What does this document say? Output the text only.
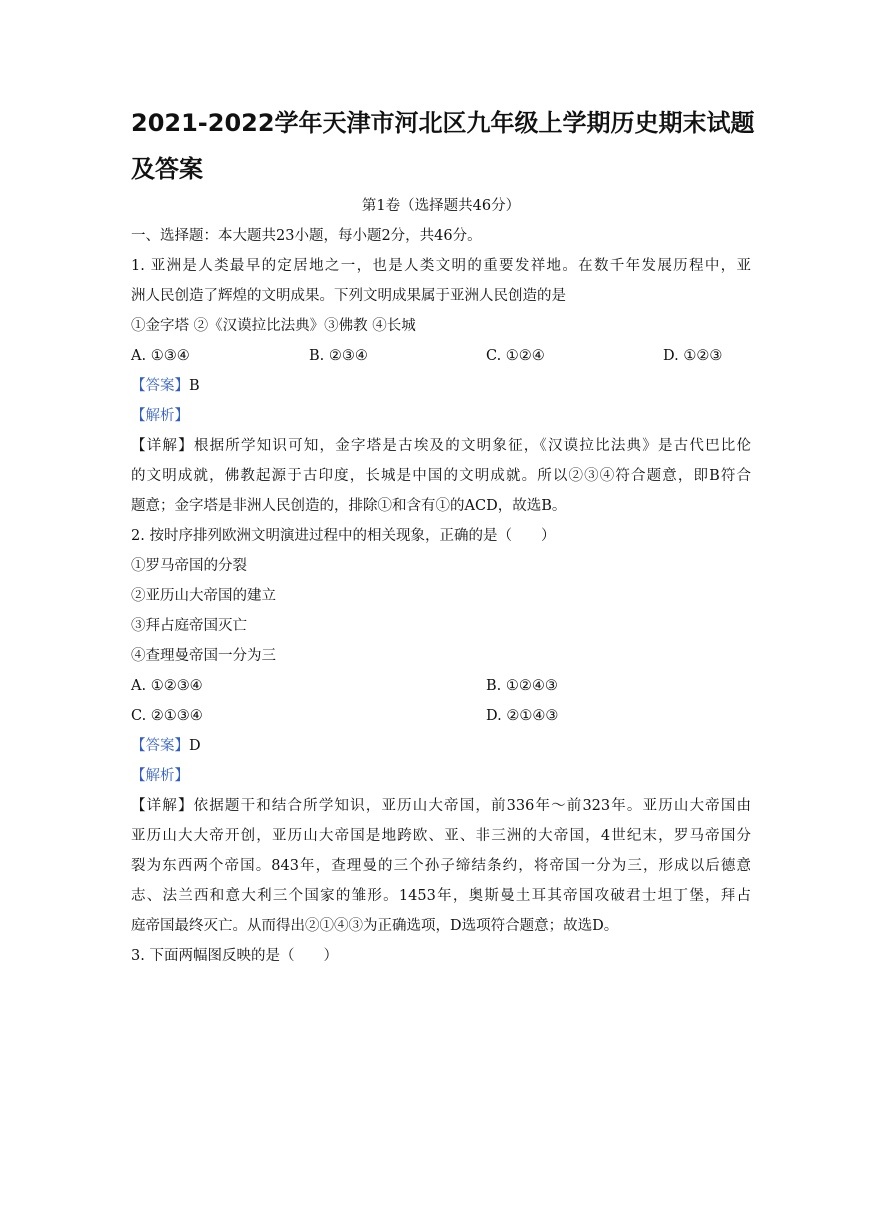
2021-2022学年天津市河北区九年级上学期历史期末试题及答案
第1卷（选择题共46分）
一、选择题：本大题共23小题，每小题2分，共46分。
1. 亚洲是人类最早的定居地之一，也是人类文明的重要发祥地。在数千年发展历程中，亚
洲人民创造了辉煌的文明成果。下列文明成果属于亚洲人民创造的是
①金字塔 ②《汉谟拉比法典》③佛教 ④长城
A. ①③④	B. ②③④	C. ①②④	D. ①②③
【答案】B
【解析】
【详解】根据所学知识可知，金字塔是古埃及的文明象征，《汉谟拉比法典》是古代巴比伦
的文明成就，佛教起源于古印度，长城是中国的文明成就。所以②③④符合题意，即B符合
题意；金字塔是非洲人民创造的，排除①和含有①的ACD，故选B。
2. 按时序排列欧洲文明演进过程中的相关现象，正确的是（　　）
①罗马帝国的分裂
②亚历山大帝国的建立
③拜占庭帝国灭亡
④查理曼帝国一分为三
A. ①②③④	B. ①②④③
C. ②①③④	D. ②①④③
【答案】D
【解析】
【详解】依据题干和结合所学知识，亚历山大帝国，前336年～前323年。亚历山大帝国由
亚历山大大帝开创，亚历山大帝国是地跨欧、亚、非三洲的大帝国，4世纪末，罗马帝国分
裂为东西两个帝国。843年，查理曼的三个孙子缔结条约，将帝国一分为三，形成以后德意
志、法兰西和意大利三个国家的雏形。1453年，奥斯曼土耳其帝国攻破君士坦丁堡，拜占
庭帝国最终灭亡。从而得出②①④③为正确选项，D选项符合题意；故选D。
3. 下面两幅图反映的是（　　）
